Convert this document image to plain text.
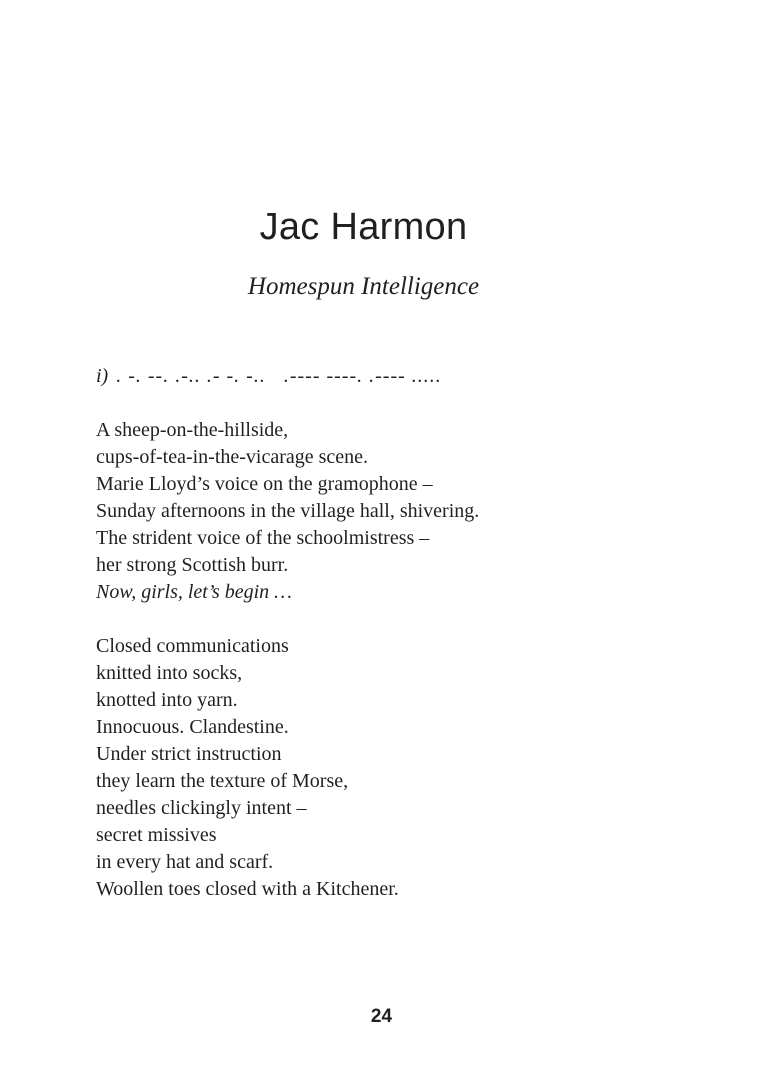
Jac Harmon
Homespun Intelligence
i) . -. --. .-.. .- -. -..   .---- ----. .---- .....
A sheep-on-the-hillside,
cups-of-tea-in-the-vicarage scene.
Marie Lloyd’s voice on the gramophone –
Sunday afternoons in the village hall, shivering.
The strident voice of the schoolmistress –
her strong Scottish burr.
Now, girls, let’s begin …
Closed communications
knitted into socks,
knotted into yarn.
Innocuous. Clandestine.
Under strict instruction
they learn the texture of Morse,
needles clickingly intent –
secret missives
in every hat and scarf.
Woollen toes closed with a Kitchener.
24
